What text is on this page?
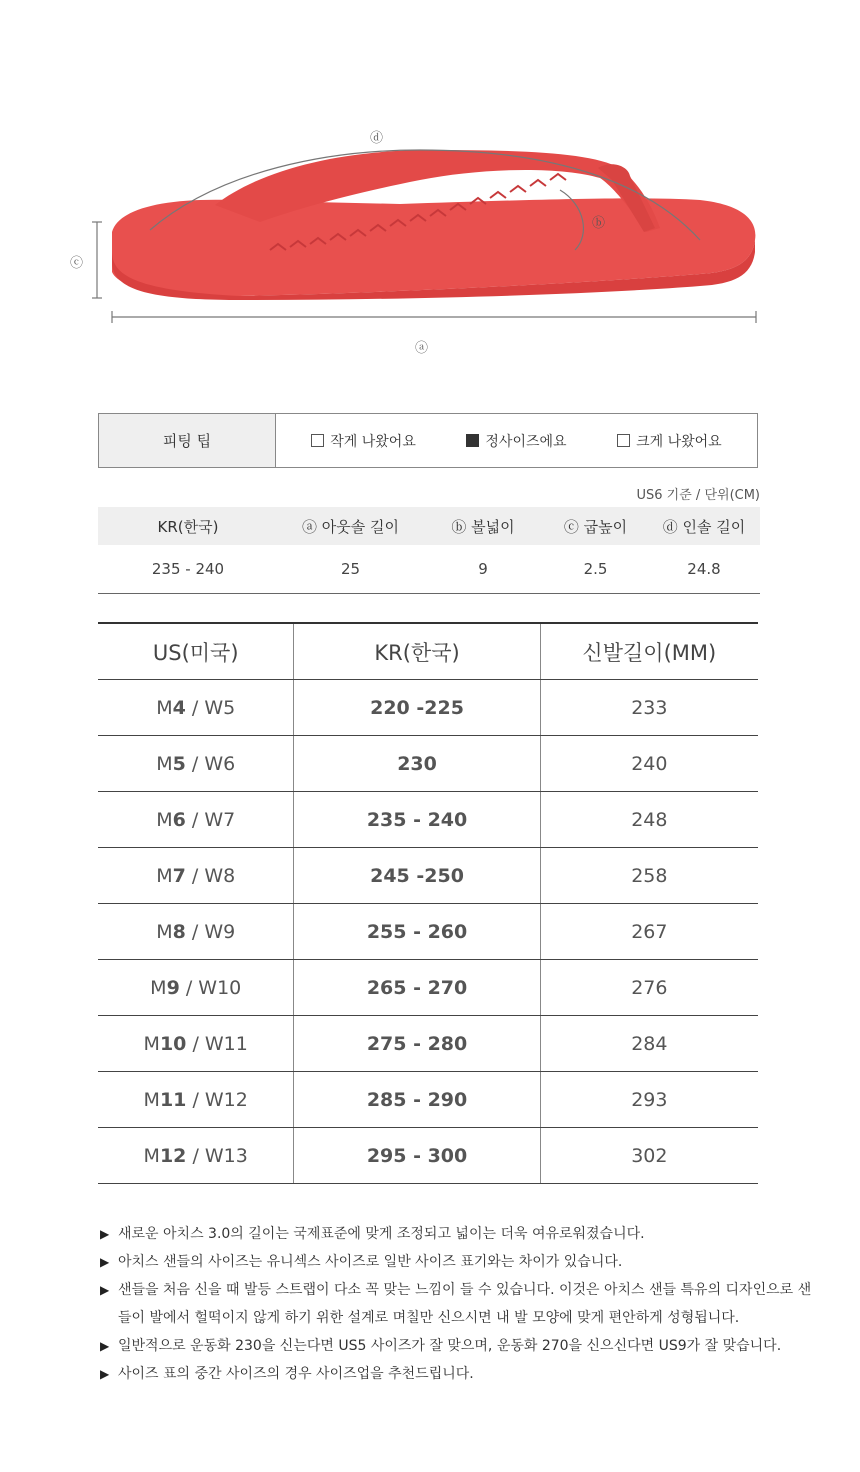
ⓓ
ⓑ
ⓒ
ⓐ
피팅 팁	작게 나왔어요	정사이즈에요	크게 나왔어요
US6 기준 / 단위(CM)
KR(한국)	ⓐ 아웃솔 길이	ⓑ 볼넓이	ⓒ 굽높이	ⓓ 인솔 길이
235 - 240	25	9	2.5	24.8
US(미국)	KR(한국)	신발길이(MM)
M4 / W5	220 -225	233
M5 / W6	230	240
M6 / W7	235 - 240	248
M7 / W8	245 -250	258
M8 / W9	255 - 260	267
M9 / W10	265 - 270	276
M10 / W11	275 - 280	284
M11 / W12	285 - 290	293
M12 / W13	295 - 300	302
▶ 새로운 아치스 3.0의 길이는 국제표준에 맞게 조정되고 넓이는 더욱 여유로워졌습니다.
▶ 아치스 샌들의 사이즈는 유니섹스 사이즈로 일반 사이즈 표기와는 차이가 있습니다.
▶ 샌들을 처음 신을 때 발등 스트랩이 다소 꼭 맞는 느낌이 들 수 있습니다. 이것은 아치스 샌들 특유의 디자인으로 샌들이 발에서 헐떡이지 않게 하기 위한 설계로 며칠만 신으시면 내 발 모양에 맞게 편안하게 성형됩니다.
▶ 일반적으로 운동화 230을 신는다면 US5 사이즈가 잘 맞으며, 운동화 270을 신으신다면 US9가 잘 맞습니다.
▶ 사이즈 표의 중간 사이즈의 경우 사이즈업을 추천드립니다.
